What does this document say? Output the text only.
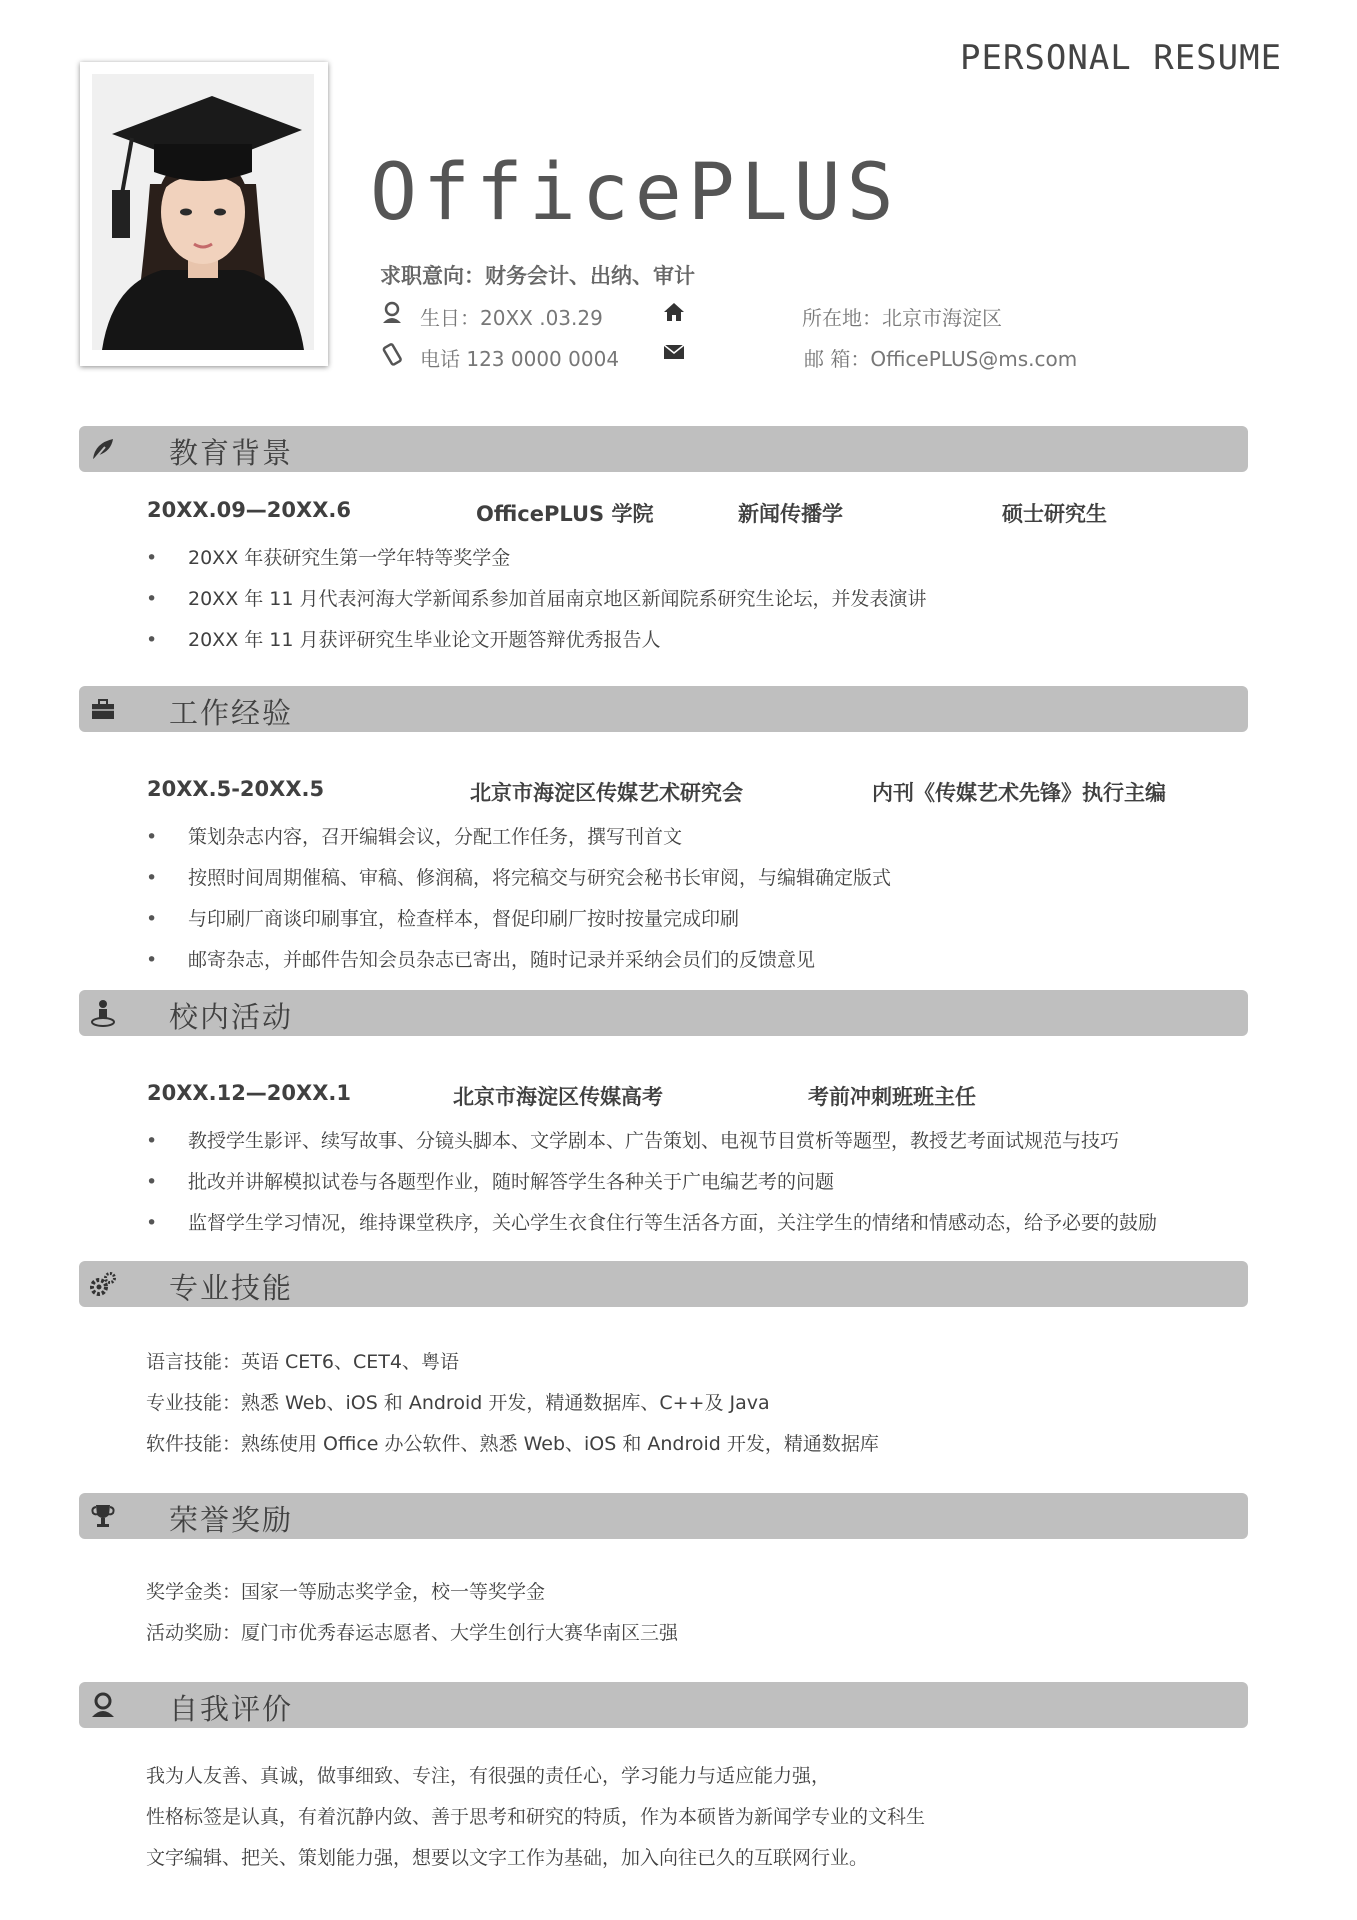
PERSONAL RESUME
OfficePLUS
求职意向：财务会计、出纳、审计
生日：20XX .03.29
电话 123 0000 0004
所在地：北京市海淀区
邮 箱：OfficePLUS@ms.com
教育背景
20XX.09—20XX.6	OfficePLUS 学院	新闻传播学	硕士研究生
• 20XX 年获研究生第一学年特等奖学金
• 20XX 年 11 月代表河海大学新闻系参加首届南京地区新闻院系研究生论坛，并发表演讲
• 20XX 年 11 月获评研究生毕业论文开题答辩优秀报告人
工作经验
20XX.5-20XX.5	北京市海淀区传媒艺术研究会	内刊《传媒艺术先锋》执行主编
• 策划杂志内容，召开编辑会议，分配工作任务，撰写刊首文
• 按照时间周期催稿、审稿、修润稿，将完稿交与研究会秘书长审阅，与编辑确定版式
• 与印刷厂商谈印刷事宜，检查样本，督促印刷厂按时按量完成印刷
• 邮寄杂志，并邮件告知会员杂志已寄出，随时记录并采纳会员们的反馈意见
校内活动
20XX.12—20XX.1	北京市海淀区传媒高考	考前冲刺班班主任
• 教授学生影评、续写故事、分镜头脚本、文学剧本、广告策划、电视节目赏析等题型，教授艺考面试规范与技巧
• 批改并讲解模拟试卷与各题型作业，随时解答学生各种关于广电编艺考的问题
• 监督学生学习情况，维持课堂秩序，关心学生衣食住行等生活各方面，关注学生的情绪和情感动态，给予必要的鼓励
专业技能
语言技能：英语 CET6、CET4、粤语
专业技能：熟悉 Web、iOS 和 Android 开发，精通数据库、C++及 Java
软件技能：熟练使用 Office 办公软件、熟悉 Web、iOS 和 Android 开发，精通数据库
荣誉奖励
奖学金类：国家一等励志奖学金，校一等奖学金
活动奖励：厦门市优秀春运志愿者、大学生创行大赛华南区三强
自我评价
我为人友善、真诚，做事细致、专注，有很强的责任心，学习能力与适应能力强，
性格标签是认真，有着沉静内敛、善于思考和研究的特质，作为本硕皆为新闻学专业的文科生
文字编辑、把关、策划能力强，想要以文字工作为基础，加入向往已久的互联网行业。
